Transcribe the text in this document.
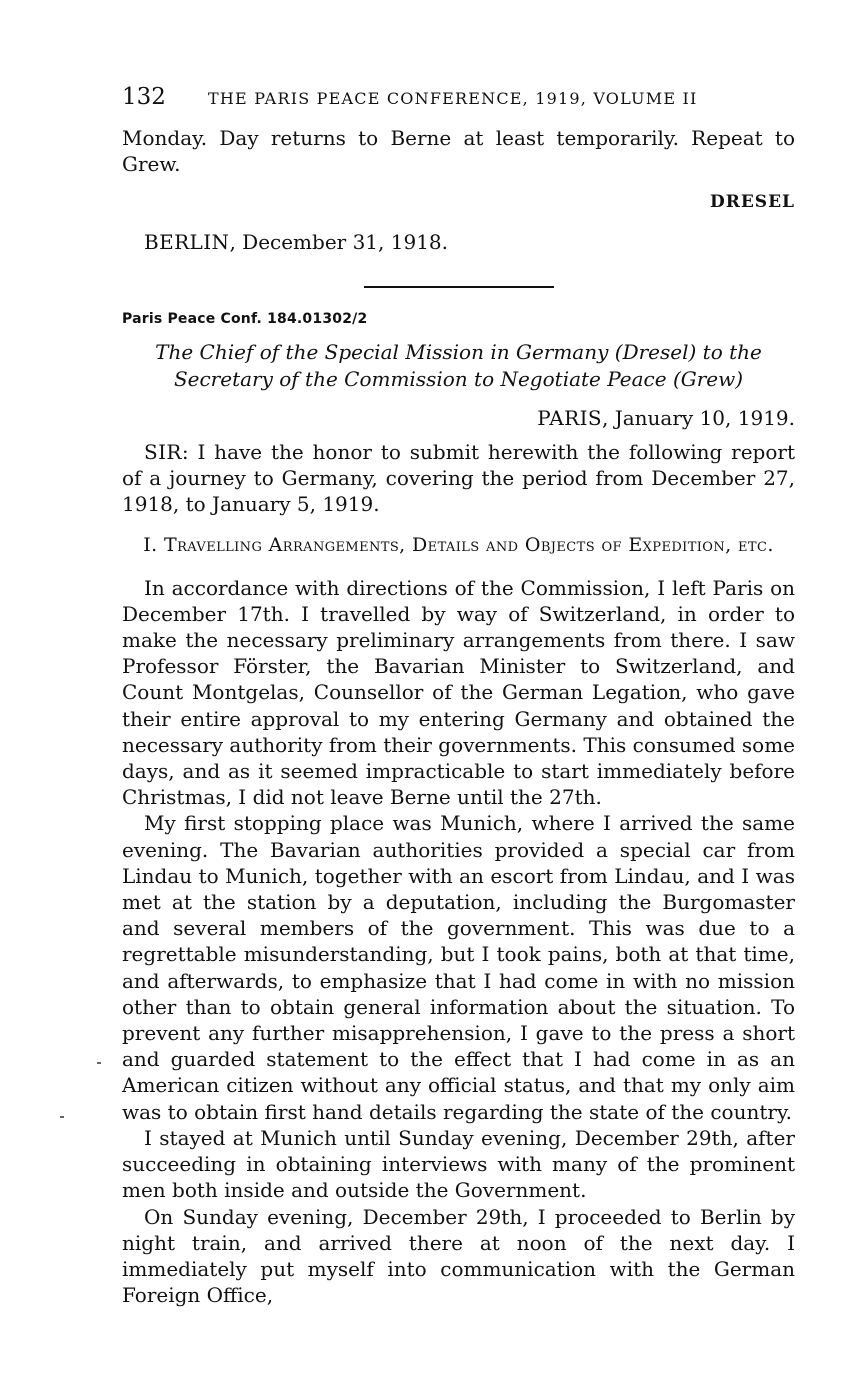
132	THE PARIS PEACE CONFERENCE, 1919, VOLUME II

Monday. Day returns to Berne at least temporarily. Repeat to Grew.

DRESEL

BERLIN, December 31, 1918.

Paris Peace Conf. 184.01302/2
The Chief of the Special Mission in Germany (Dresel) to the Secretary of the Commission to Negotiate Peace (Grew)

PARIS, January 10, 1919.

SIR: I have the honor to submit herewith the following report of a journey to Germany, covering the period from December 27, 1918, to January 5, 1919.

I. Travelling Arrangements, Details and Objects of Expedition, etc.

In accordance with directions of the Commission, I left Paris on December 17th. I travelled by way of Switzerland, in order to make the necessary preliminary arrangements from there. I saw Professor Förster, the Bavarian Minister to Switzerland, and Count Montgelas, Counsellor of the German Legation, who gave their entire approval to my entering Germany and obtained the necessary authority from their governments. This consumed some days, and as it seemed impracticable to start immediately before Christmas, I did not leave Berne until the 27th.

My first stopping place was Munich, where I arrived the same evening. The Bavarian authorities provided a special car from Lindau to Munich, together with an escort from Lindau, and I was met at the station by a deputation, including the Burgomaster and several members of the government. This was due to a regrettable misunderstanding, but I took pains, both at that time, and afterwards, to emphasize that I had come in with no mission other than to obtain general information about the situation. To prevent any further misapprehension, I gave to the press a short and guarded statement to the effect that I had come in as an American citizen without any official status, and that my only aim was to obtain first hand details regarding the state of the country.

I stayed at Munich until Sunday evening, December 29th, after succeeding in obtaining interviews with many of the prominent men both inside and outside the Government.

On Sunday evening, December 29th, I proceeded to Berlin by night train, and arrived there at noon of the next day. I immediately put myself into communication with the German Foreign Office,
